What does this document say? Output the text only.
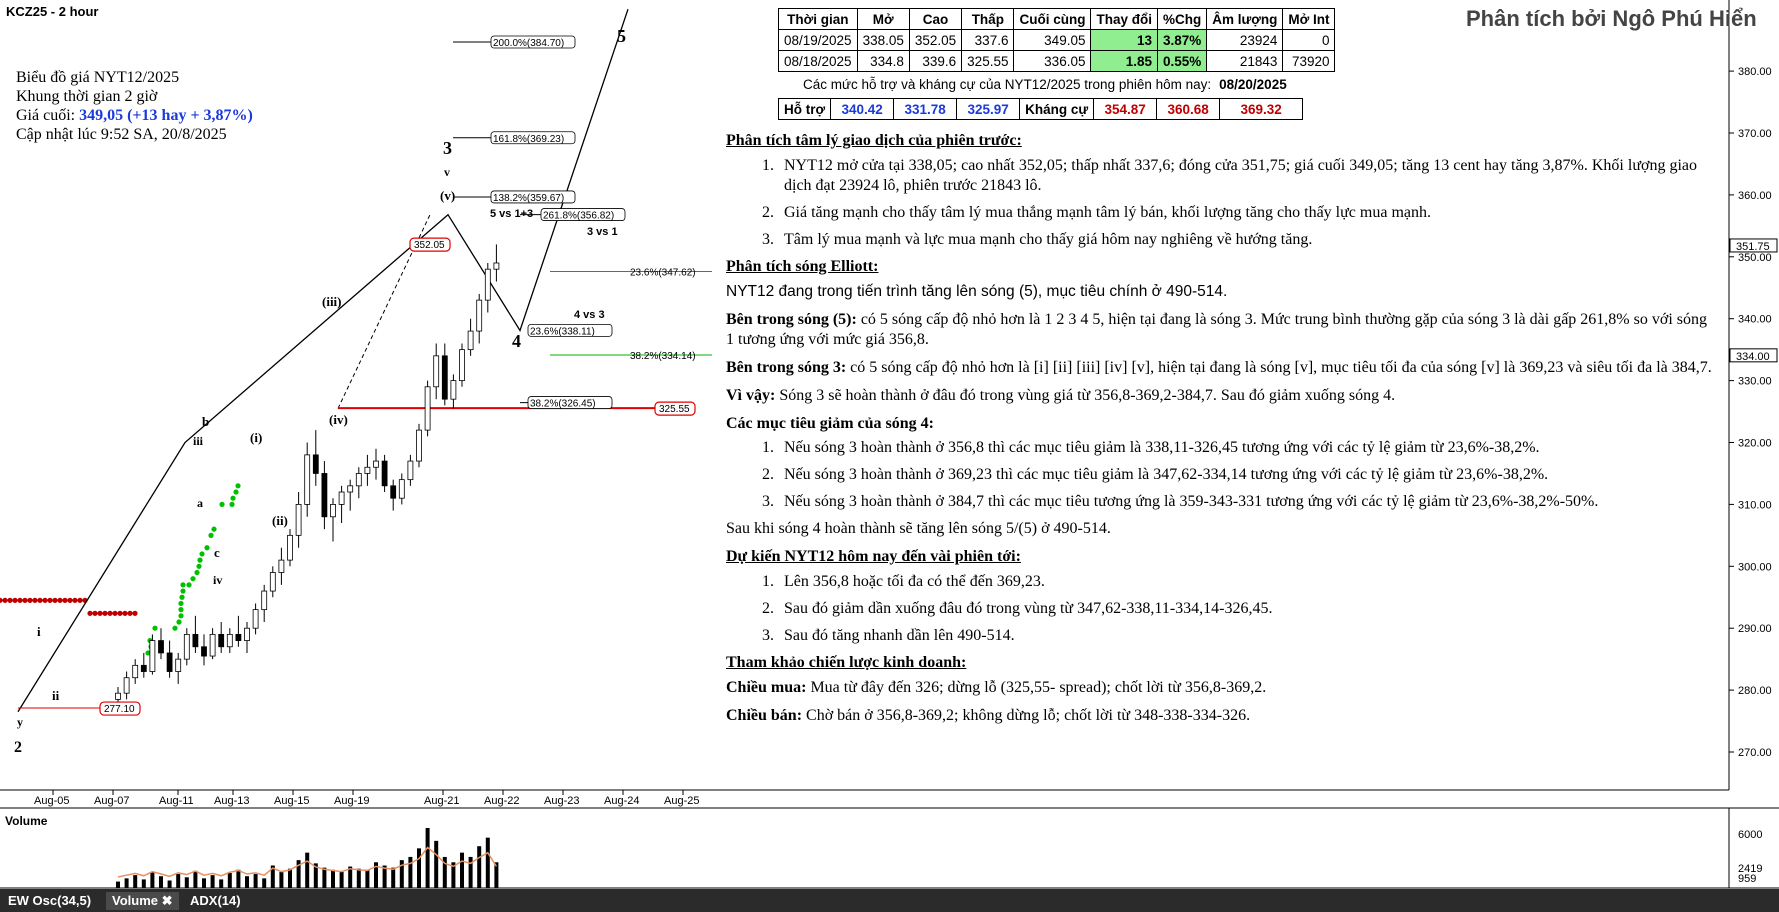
270.00
280.00
290.00
300.00
310.00
320.00
330.00
340.00
350.00
360.00
370.00
380.00
351.75
334.00
Aug-05 Aug-07	Aug-11 Aug-13 Aug-15 Aug-19	Aug-21 Aug-22 Aug-23 Aug-24 Aug-25
200.0%(384.70)
161.8%(369.23)
138.2%(359.67)
261.8%(356.82)
23.6%(347.62)
23.6%(338.11)
38.2%(334.14)
38.2%(326.45)
352.05
325.55
277.10
2
3
4
5
(i)
(ii)
(iii)
(iv)
(v)
i
ii
iii
iv
v
a
b
c
y
5 vs 1+3
3 vs 1
4 vs 3
6000
2419
959
KCZ25 - 2 hour
Biểu đồ giá NYT12/2025
Khung thời gian 2 giờ
Giá cuối: 349,05 (+13 hay + 3,87%)
Cập nhật lúc 9:52 SA, 20/8/2025
Thời gian	Mở	Cao	Thấp	Cuối cùng	Thay đổi	%Chg	Âm lượng	Mở Int
08/19/2025	338.05	352.05	337.6	349.05	13	3.87%	23924	0
08/18/2025	334.8	339.6	325.55	336.05	1.85	0.55%	21843	73920
Các mức hỗ trợ và kháng cự của NYT12/2025 trong phiên hôm nay: 08/20/2025
Hỗ trợ	340.42	331.78	325.97	Kháng cự	354.87	360.68	369.32
Phân tích bởi Ngô Phú Hiển
Phân tích tâm lý giao dịch của phiên trước:
1. NYT12 mở cửa tại 338,05; cao nhất 352,05; thấp nhất 337,6; đóng cửa 351,75; giá cuối 349,05; tăng 13 cent hay tăng 3,87%. Khối lượng giao dịch đạt 23924 lô, phiên trước 21843 lô.
2. Giá tăng mạnh cho thấy tâm lý mua thắng mạnh tâm lý bán, khối lượng tăng cho thấy lực mua mạnh.
3. Tâm lý mua mạnh và lực mua mạnh cho thấy giá hôm nay nghiêng về hướng tăng.
Phân tích sóng Elliott:

NYT12 đang trong tiến trình tăng lên sóng (5), mục tiêu chính ở 490-514.

Bên trong sóng (5): có 5 sóng cấp độ nhỏ hơn là 1 2 3 4 5, hiện tại đang là sóng 3. Mức trung bình thường gặp của sóng 3 là dài gấp 261,8% so với sóng 1 tương ứng với mức giá 356,8.

Bên trong sóng 3: có 5 sóng cấp độ nhỏ hơn là [i] [ii] [iii] [iv] [v], hiện tại đang là sóng [v], mục tiêu tối đa của sóng [v] là 369,23 và siêu tối đa là 384,7.

Vì vậy: Sóng 3 sẽ hoàn thành ở đâu đó trong vùng giá từ 356,8-369,2-384,7. Sau đó giảm xuống sóng 4.

Các mục tiêu giảm của sóng 4:

1. Nếu sóng 3 hoàn thành ở 356,8 thì các mục tiêu giảm là 338,11-326,45 tương ứng với các tỷ lệ giảm từ 23,6%-38,2%.
2. Nếu sóng 3 hoàn thành ở 369,23 thì các mục tiêu giảm là 347,62-334,14 tương ứng với các tỷ lệ giảm từ 23,6%-38,2%.
3. Nếu sóng 3 hoàn thành ở 384,7 thì các mục tiêu tương ứng là 359-343-331 tương ứng với các tỷ lệ giảm từ 23,6%-38,2%-50%.

Sau khi sóng 4 hoàn thành sẽ tăng lên sóng 5/(5) ở 490-514.

Dự kiến NYT12 hôm nay đến vài phiên tới:
1. Lên 356,8 hoặc tối đa có thể đến 369,23.
2. Sau đó giảm dần xuống đâu đó trong vùng từ 347,62-338,11-334,14-326,45.
3. Sau đó tăng nhanh dần lên 490-514.
Tham khảo chiến lược kinh doanh:

Chiều mua: Mua từ đây đến 326; dừng lỗ (325,55- spread); chốt lời từ 356,8-369,2.

Chiều bán: Chờ bán ở 356,8-369,2; không dừng lỗ; chốt lời từ 348-338-334-326.

Volume
EW Osc(34,5)	Volume ✖	ADX(14)
